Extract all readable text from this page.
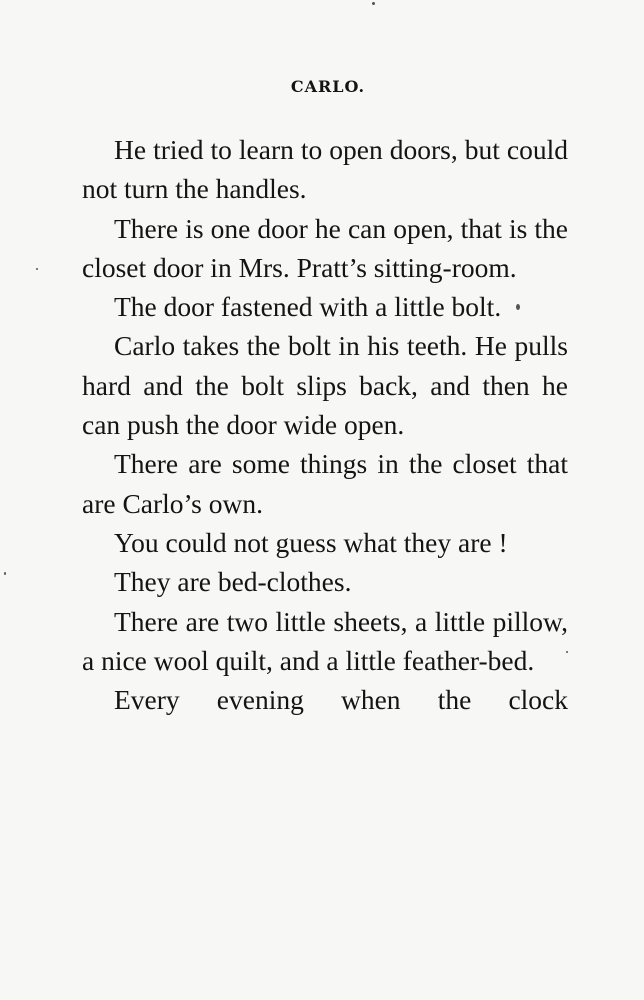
CARLO.

He tried to learn to open doors, but could not turn the handles.

There is one door he can open, that is the closet door in Mrs. Pratt’s sitting-room.

The door fastened with a little bolt.

Carlo takes the bolt in his teeth. He pulls hard and the bolt slips back, and then he can push the door wide open.

There are some things in the closet that are Carlo’s own.

You could not guess what they are !

They are bed-clothes.

There are two little sheets, a little pillow, a nice wool quilt, and a little feather-bed.

Every evening when the clock
